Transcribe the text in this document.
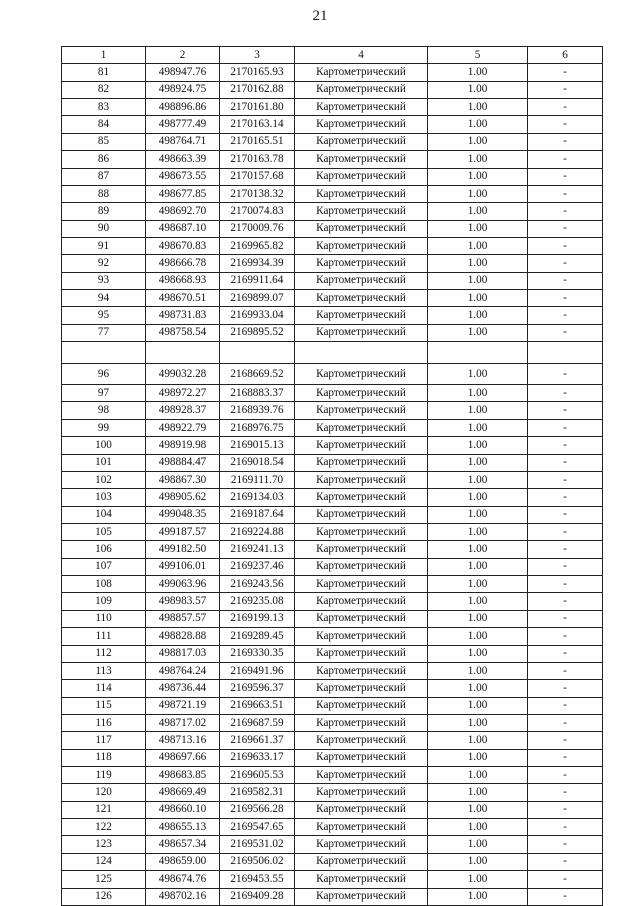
21
1	2	3	4	5	6
81	498947.76	2170165.93	Картометрический	1.00	-
82	498924.75	2170162.88	Картометрический	1.00	-
83	498896.86	2170161.80	Картометрический	1.00	-
84	498777.49	2170163.14	Картометрический	1.00	-
85	498764.71	2170165.51	Картометрический	1.00	-
86	498663.39	2170163.78	Картометрический	1.00	-
87	498673.55	2170157.68	Картометрический	1.00	-
88	498677.85	2170138.32	Картометрический	1.00	-
89	498692.70	2170074.83	Картометрический	1.00	-
90	498687.10	2170009.76	Картометрический	1.00	-
91	498670.83	2169965.82	Картометрический	1.00	-
92	498666.78	2169934.39	Картометрический	1.00	-
93	498668.93	2169911.64	Картометрический	1.00	-
94	498670.51	2169899.07	Картометрический	1.00	-
95	498731.83	2169933.04	Картометрический	1.00	-
77	498758.54	2169895.52	Картометрический	1.00	-

96	499032.28	2168669.52	Картометрический	1.00	-
97	498972.27	2168883.37	Картометрический	1.00	-
98	498928.37	2168939.76	Картометрический	1.00	-
99	498922.79	2168976.75	Картометрический	1.00	-
100	498919.98	2169015.13	Картометрический	1.00	-
101	498884.47	2169018.54	Картометрический	1.00	-
102	498867.30	2169111.70	Картометрический	1.00	-
103	498905.62	2169134.03	Картометрический	1.00	-
104	499048.35	2169187.64	Картометрический	1.00	-
105	499187.57	2169224.88	Картометрический	1.00	-
106	499182.50	2169241.13	Картометрический	1.00	-
107	499106.01	2169237.46	Картометрический	1.00	-
108	499063.96	2169243.56	Картометрический	1.00	-
109	498983.57	2169235.08	Картометрический	1.00	-
110	498857.57	2169199.13	Картометрический	1.00	-
111	498828.88	2169289.45	Картометрический	1.00	-
112	498817.03	2169330.35	Картометрический	1.00	-
113	498764.24	2169491.96	Картометрический	1.00	-
114	498736.44	2169596.37	Картометрический	1.00	-
115	498721.19	2169663.51	Картометрический	1.00	-
116	498717.02	2169687.59	Картометрический	1.00	-
117	498713.16	2169661.37	Картометрический	1.00	-
118	498697.66	2169633.17	Картометрический	1.00	-
119	498683.85	2169605.53	Картометрический	1.00	-
120	498669.49	2169582.31	Картометрический	1.00	-
121	498660.10	2169566.28	Картометрический	1.00	-
122	498655.13	2169547.65	Картометрический	1.00	-
123	498657.34	2169531.02	Картометрический	1.00	-
124	498659.00	2169506.02	Картометрический	1.00	-
125	498674.76	2169453.55	Картометрический	1.00	-
126	498702.16	2169409.28	Картометрический	1.00	-
